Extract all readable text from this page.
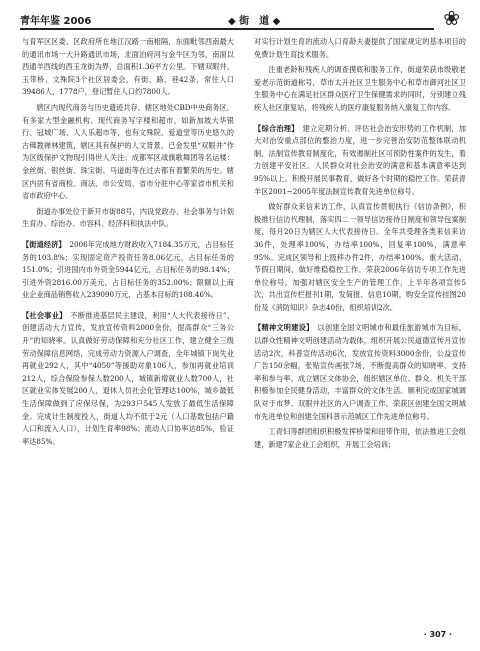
青年年鉴 2006	◆ 街　道 ◆	❀

与育军区区委、区政府所在地江汉路一南相隔，东面毗邻西南最大的通讯市场一大升路通讯市场，北面泊府河与金牛区为邻，南面以西通羊西线的西玉龙街为界，总面积1.36平方公里。下辖双眼井、玉带桥、文殊院3个社区居委会，有街、路、巷42条，常住人口39486人，1778户，登记暂住人口约7800人。

辖区内现代商务与历史遗迹共存。辖区地处CBD中央商务区，有多家大型金融机构、现代商务写字楼和超市，如新加坡大华银行、冠城广场、人人乐超市等，也有文殊院、爱道堂等历史悠久的古佛教禅林建筑，辖区具有保护的人文背景。已金发里“双眼井”作为区级保护文物现引得世人关注；成都军区战旗歌舞团等名运楼：金丝街、银丝街、珠宝街、马道街等在过去都有着繁荣的历史。辖区内居有省商检、商法、市公安局、省市分驻中心等家省市机关和省市政府中心。

街道办事处位于新开市街88号，内设党政办、社会事务与计划生育办、综治办、市容科、经济科和执法中队。

【街道经济】　 2006年完成地方财政收入7184.35万元，占目标任务的103.8%；实现固定资产投资任务8.06亿元，占目标任务的151.0%；引进国内市外资金5944亿元，占目标任务的98.14%；引进外资2816.00万美元，占目标任务的352.00%；限额以上商业企业商品销售收入239090万元，占基本目标的108.46%。

【社会事业】　 不断推进基层民主建设，利用“人大代表接待日”、创建活动大力宣传，发放宣传资料2000余份，提高群众“三务公开”的知晓率。认真做好劳动保障和充分社区工作，建立健全三级劳动保障信息网络，完成劳动力资源入户调查，全年城镇下岗失业再就业292人，其中“4050”等援助对象106人，参加再就业培训212人，综合保险参保人数200人，城镇新增就业人数700人，社区就业实体发展200人，退休人员社会化管理达100%，城乡最低生活保障做到了应保尽保，为293户545人发放了最低生活保障金。完成计生制度投入，街道人均不低于2元（人口基数包括户籍人口和流入人口），计划生育率98%；流动人口协率达85%，验证率达85%。

对实行计划生育的流动人口育龄夫妻提供了国家规定的基本项目的免费计划生育技术服务。

注重老龄和残疾人的调查摸底和服务工作，街道荣获市级敬老爱老示范街道称号，草市太升社区卫生服务中心和草市御河社区卫生服务中心在满足社区群众医疗卫生保健需求的同时，分别建立残疾人社区康复站，将残疾人的医疗康复服务纳入康复工作内容。

【综合治理】　 建立定期分析、评估社会治安形势的工作机制，加大对治安重点部位的整治力度，进一步完善治安防范整体联动机制，法制宣传教育制度化，有效遏制社区可预防性案件的发生，着力创建平安社区。人民群众对社会治安的满意和基本满意率达到95%以上。积极开展民事教育，做好各个时期的稳控工作。荣获青羊区2001~2005年度法制宣传教育先进单位称号。

做好群众来信来访工作，认真宣传贯彻执行《信访条例》，积极推行信访代理制，落实四二一领导信访接待日制度和领导包案制度，每月20日为辖区人大代表接待日。全年共受理各类来信来访36件，处理率100%，办结率100%，回复率100%，满意率95%。完成区领导和上级移办件2件，办结率100%。重大活动、节假日期间，做好维稳稳控工作。荣获2006年信访专项工作先进单位称号。加强对辖区安全生产的管理工作，上半年各项宣传5次，共出宣传栏报刊1期，发简报、信息10期，购安全宣传挂图20份及《消防知识》杂志40份，组织培训2次。

【精神文明建设】　 以创建全国文明城市和最佳旅游城市为目标，以群众性精神文明创建活动为载体，组织开展公民道德宣传月宣传活动2次，科普宣传活动6次，发放宣传资料3000余份，公益宣传广告150余幅，张贴宣传画张7场，不断提高群众的知晓率、支持率和参与率。成立辖区文体协会，组织辖区单位、群众、机关干部积极参加全民健身活动，丰富群众的文体生活。顺利完成国家城调队对于市梦、双眼井社区的入户调查工作。荣获区创建全国文明城市先进单位和创建全国科普示范城区工作先进单位称号。

工青妇等群团组织积极发挥桥梁和纽带作用，依法推进工会组建，新建7家企业工会组织，开展工会培训；

· 307 ·
